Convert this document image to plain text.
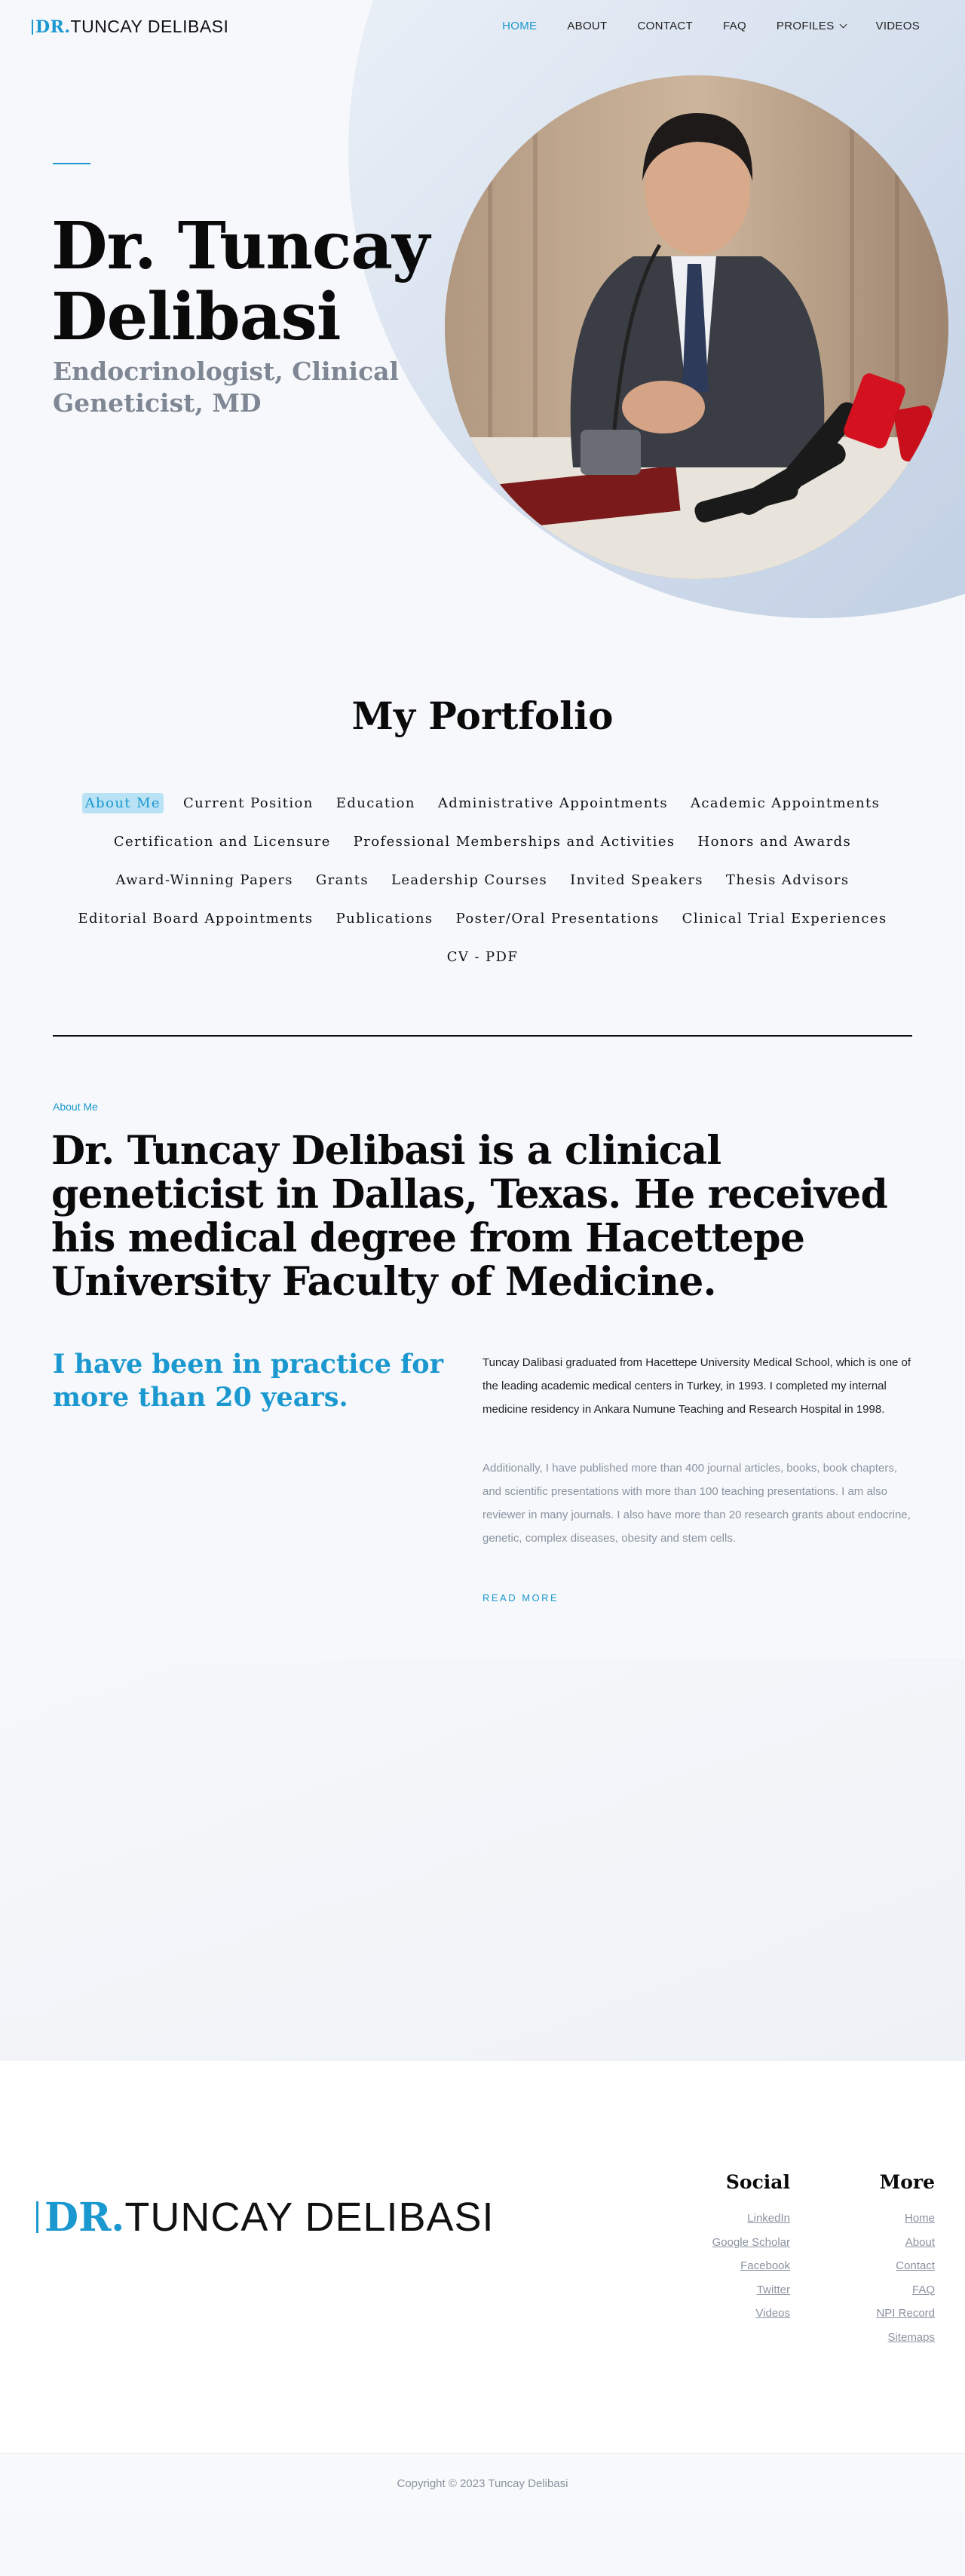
DR. TUNCAY DELIBASI	HOME	ABOUT	CONTACT	FAQ	PROFILES	VIDEOS
Dr. Tuncay Delibasi
Endocrinologist, Clinical Geneticist, MD
My Portfolio
About Me Current Position Education Administrative Appointments Academic Appointments
Certification and Licensure Professional Memberships and Activities Honors and Awards
Award-Winning Papers Grants Leadership Courses Invited Speakers Thesis Advisors
Editorial Board Appointments Publications Poster/Oral Presentations Clinical Trial Experiences
CV - PDF
About Me
Dr. Tuncay Delibasi is a clinical geneticist in Dallas, Texas. He received his medical degree from Hacettepe University Faculty of Medicine.
I have been in practice for more than 20 years.
Tuncay Dalibasi graduated from Hacettepe University Medical School, which is one of the leading academic medical centers in Turkey, in 1993. I completed my internal medicine residency in Ankara Numune Teaching and Research Hospital in 1998.
Additionally, I have published more than 400 journal articles, books, book chapters, and scientific presentations with more than 100 teaching presentations. I am also reviewer in many journals. I also have more than 20 research grants about endocrine, genetic, complex diseases, obesity and stem cells.
READ MORE
DR. TUNCAY DELIBASI
Social
LinkedIn
Google Scholar
Facebook
Twitter
Videos
More
Home
About
Contact
FAQ
NPI Record
Sitemaps
Copyright © 2023 Tuncay Delibasi
